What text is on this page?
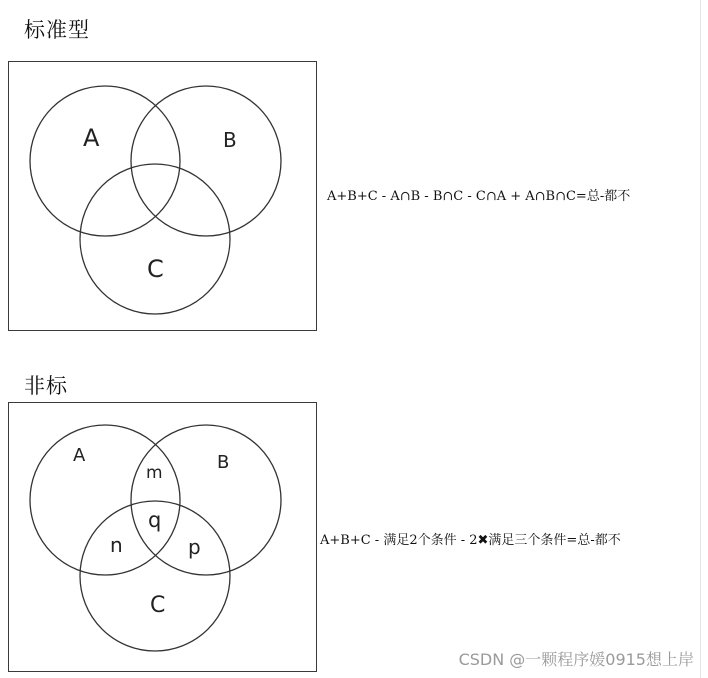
标准型
A	B
C
A+B+C - A∩B - B∩C - C∩A + A∩B∩C=总-都不
非标
A	B
m
q
n	p
C
A+B+C - 满足2个条件 - 2✖满足三个条件=总-都不
CSDN @一颗程序媛0915想上岸
